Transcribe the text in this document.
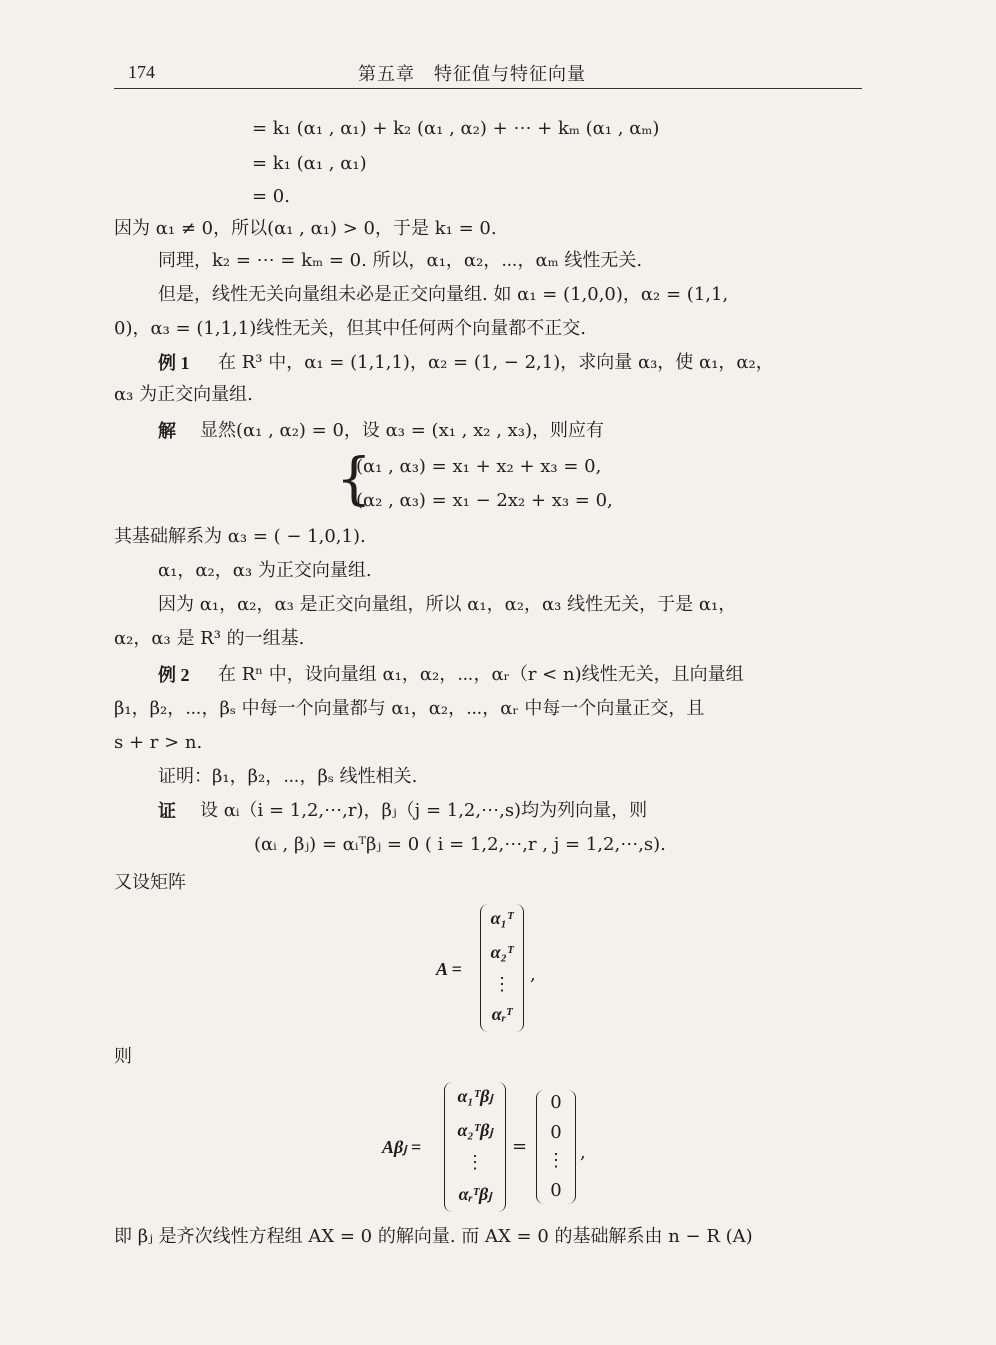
174	第五章　特征值与特征向量
= k₁ (α₁ , α₁) + k₂ (α₁ , α₂) + ⋯ + kₘ (α₁ , αₘ)
= k₁ (α₁ , α₁)
= 0.
因为 α₁ ≠ 0，所以(α₁ , α₁) > 0，于是 k₁ = 0.
同理，k₂ = ⋯ = kₘ = 0. 所以，α₁，α₂，⋯，αₘ 线性无关.
但是，线性无关向量组未必是正交向量组. 如 α₁ = (1,0,0)，α₂ = (1,1,
0)，α₃ = (1,1,1)线性无关，但其中任何两个向量都不正交.
例 1 在 R³ 中，α₁ = (1,1,1)，α₂ = (1, − 2,1)，求向量 α₃，使 α₁，α₂，
α₃ 为正交向量组.
解 显然(α₁ , α₂) = 0，设 α₃ = (x₁ , x₂ , x₃)，则应有
{
(α₁ , α₃) = x₁ + x₂ + x₃ = 0,
(α₂ , α₃) = x₁ − 2x₂ + x₃ = 0,
其基础解系为 α₃ = ( − 1,0,1).
α₁，α₂，α₃ 为正交向量组.
因为 α₁，α₂，α₃ 是正交向量组，所以 α₁，α₂，α₃ 线性无关，于是 α₁，
α₂，α₃ 是 R³ 的一组基.
例 2 在 Rⁿ 中，设向量组 α₁，α₂，⋯，αᵣ（r < n)线性无关，且向量组
β₁，β₂，⋯，βₛ 中每一个向量都与 α₁，α₂，⋯，αᵣ 中每一个向量正交，且
s + r > n.
证明：β₁，β₂，⋯，βₛ 线性相关.
证 设 αᵢ（i = 1,2,⋯,r)，βⱼ（j = 1,2,⋯,s)均为列向量，则
(αᵢ , βⱼ) = αᵢᵀβⱼ = 0 ( i = 1,2,⋯,r , j = 1,2,⋯,s).
又设矩阵
A =
α₁ᵀ
α₂ᵀ
⋮
αᵣᵀ
,
则
Aβⱼ =
α₁ᵀβⱼ
α₂ᵀβⱼ
⋮
αᵣᵀβⱼ
=
0
0
⋮
0
,
即 βⱼ 是齐次线性方程组 AX = 0 的解向量. 而 AX = 0 的基础解系由 n − R (A)
